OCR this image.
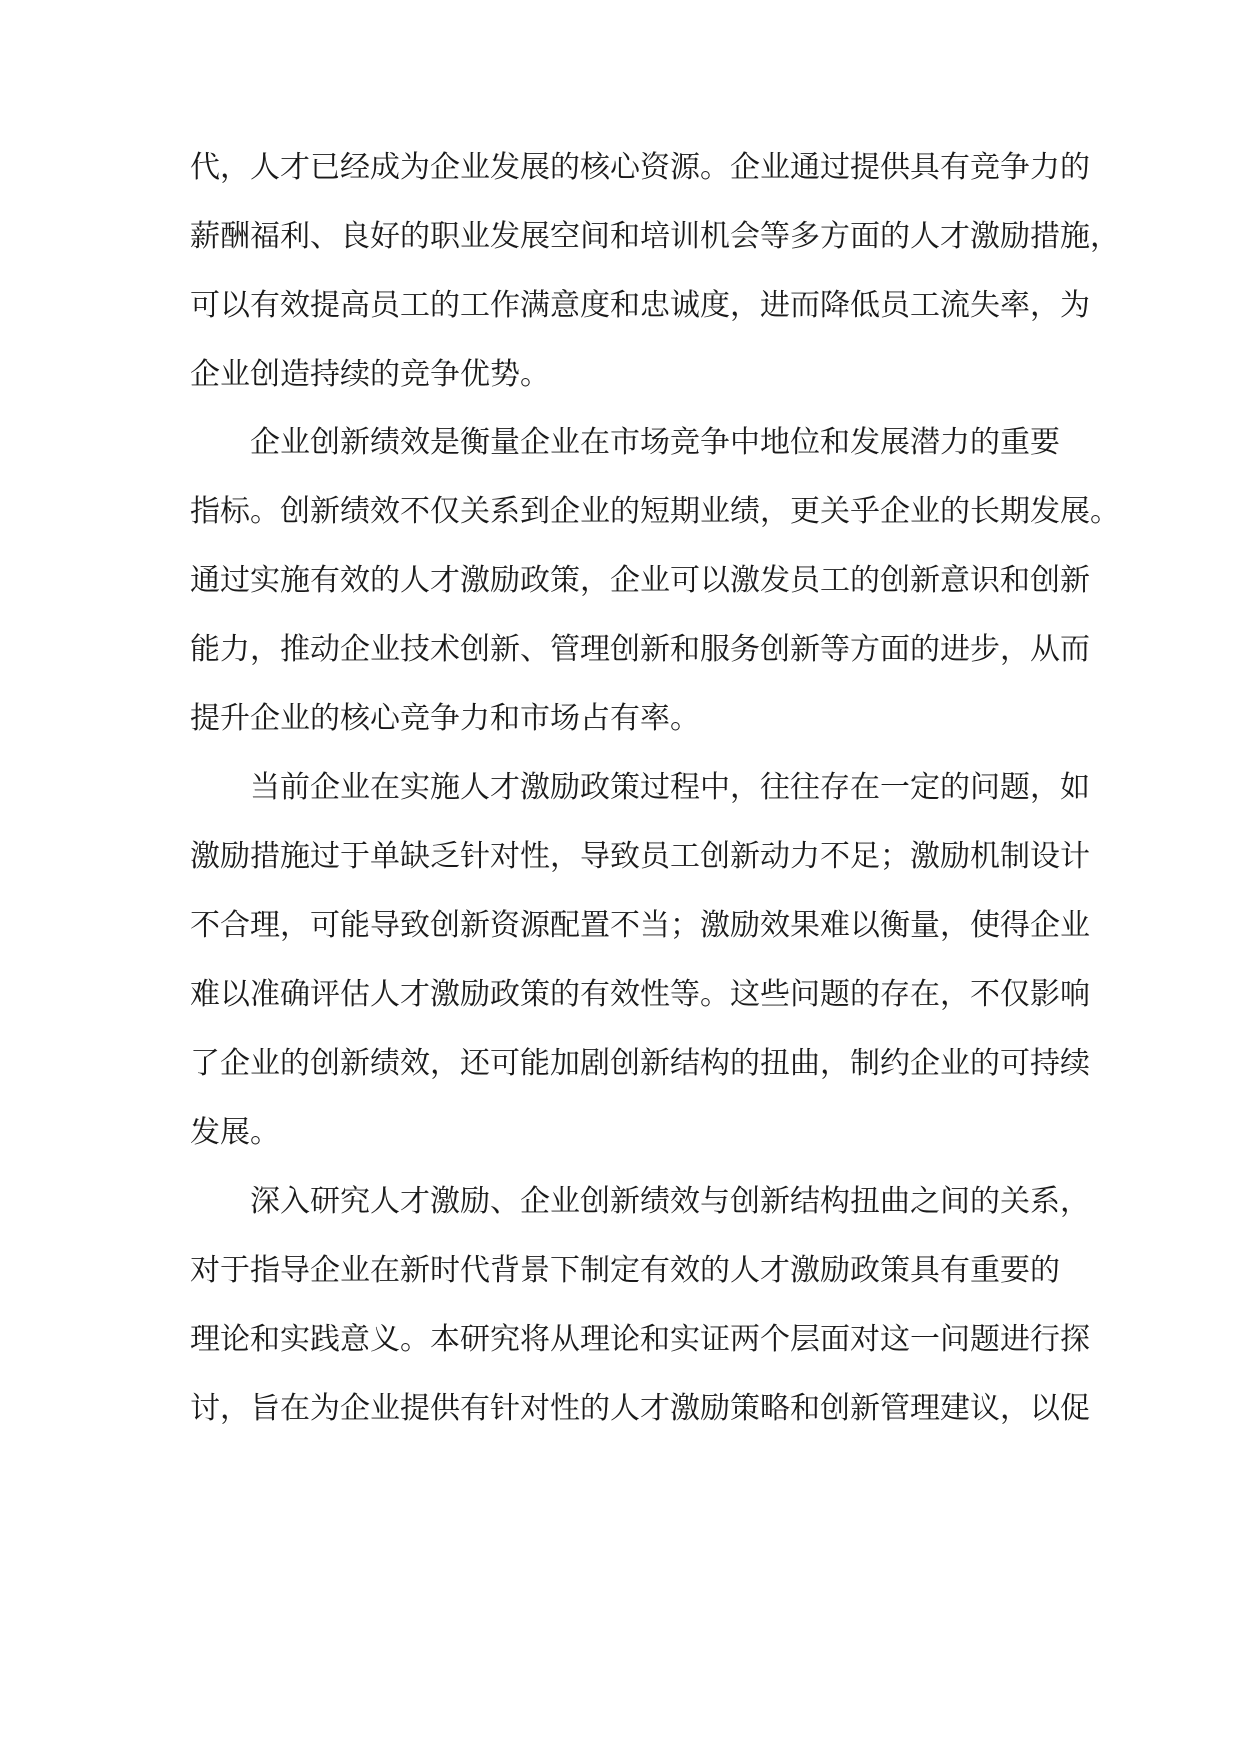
代，人才已经成为企业发展的核心资源。企业通过提供具有竞争力的
薪酬福利、良好的职业发展空间和培训机会等多方面的人才激励措施，
可以有效提高员工的工作满意度和忠诚度，进而降低员工流失率，为
企业创造持续的竞争优势。
企业创新绩效是衡量企业在市场竞争中地位和发展潜力的重要
指标。创新绩效不仅关系到企业的短期业绩，更关乎企业的长期发展。
通过实施有效的人才激励政策，企业可以激发员工的创新意识和创新
能力，推动企业技术创新、管理创新和服务创新等方面的进步，从而
提升企业的核心竞争力和市场占有率。
当前企业在实施人才激励政策过程中，往往存在一定的问题，如
激励措施过于单缺乏针对性，导致员工创新动力不足；激励机制设计
不合理，可能导致创新资源配置不当；激励效果难以衡量，使得企业
难以准确评估人才激励政策的有效性等。这些问题的存在，不仅影响
了企业的创新绩效，还可能加剧创新结构的扭曲，制约企业的可持续
发展。
深入研究人才激励、企业创新绩效与创新结构扭曲之间的关系，
对于指导企业在新时代背景下制定有效的人才激励政策具有重要的
理论和实践意义。本研究将从理论和实证两个层面对这一问题进行探
讨，旨在为企业提供有针对性的人才激励策略和创新管理建议，以促
